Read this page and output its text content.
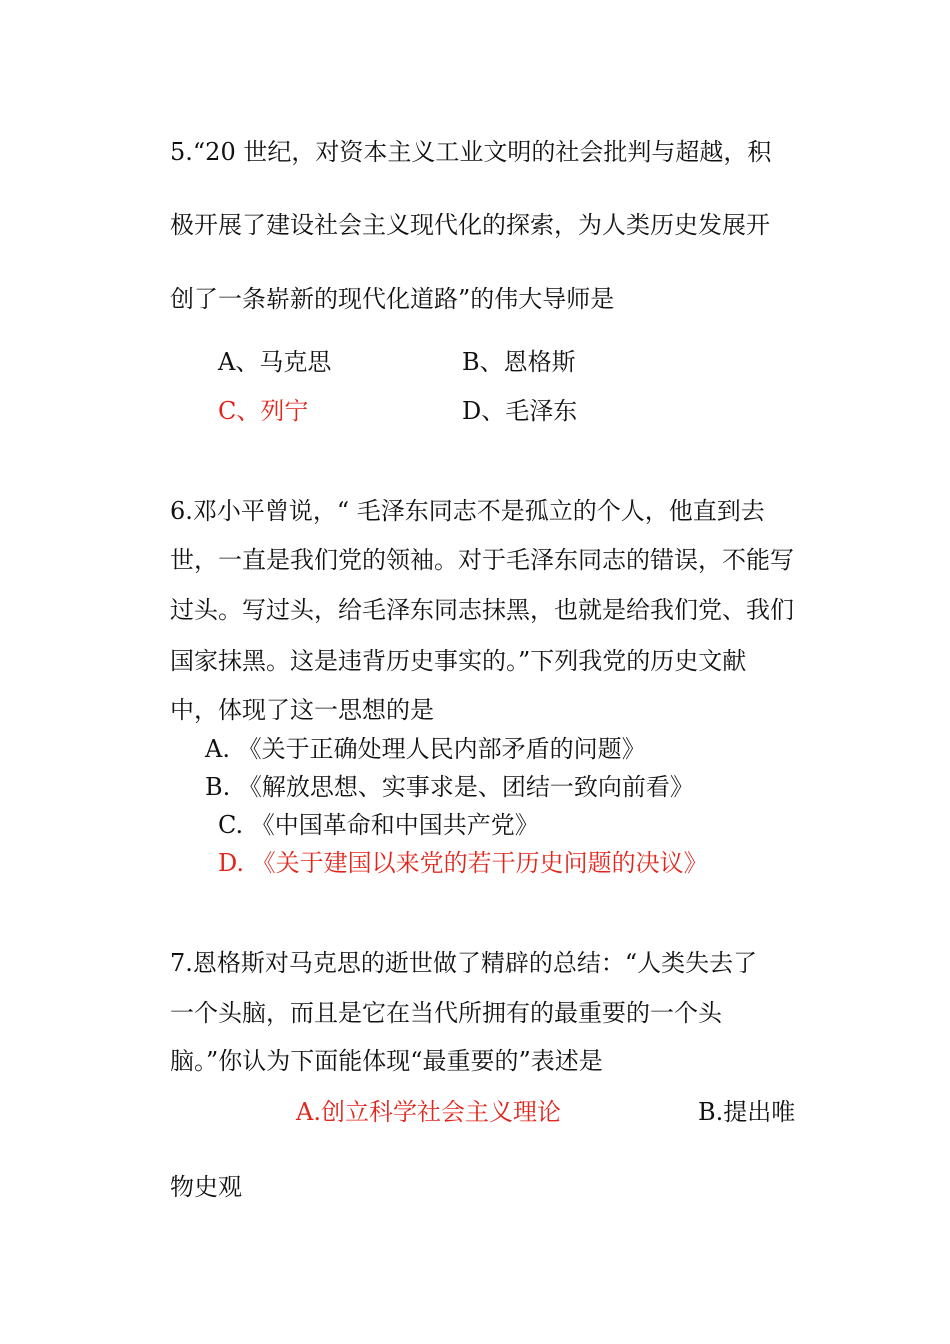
5.“20 世纪，对资本主义工业文明的社会批判与超越，积
极开展了建设社会主义现代化的探索，为人类历史发展开
创了一条崭新的现代化道路”的伟大导师是
A、马克思	B、恩格斯
C、列宁	D、毛泽东
6.邓小平曾说，“ 毛泽东同志不是孤立的个人，他直到去
世，一直是我们党的领袖。对于毛泽东同志的错误，不能写
过头。写过头，给毛泽东同志抹黑，也就是给我们党、我们
国家抹黑。这是违背历史事实的。”下列我党的历史文献
中，体现了这一思想的是
A. 《关于正确处理人民内部矛盾的问题》
B. 《解放思想、实事求是、团结一致向前看》
C. 《中国革命和中国共产党》
D. 《关于建国以来党的若干历史问题的决议》
7.恩格斯对马克思的逝世做了精辟的总结：“人类失去了
一个头脑，而且是它在当代所拥有的最重要的一个头
脑。”你认为下面能体现“最重要的”表述是
A.创立科学社会主义理论	B.提出唯
物史观
